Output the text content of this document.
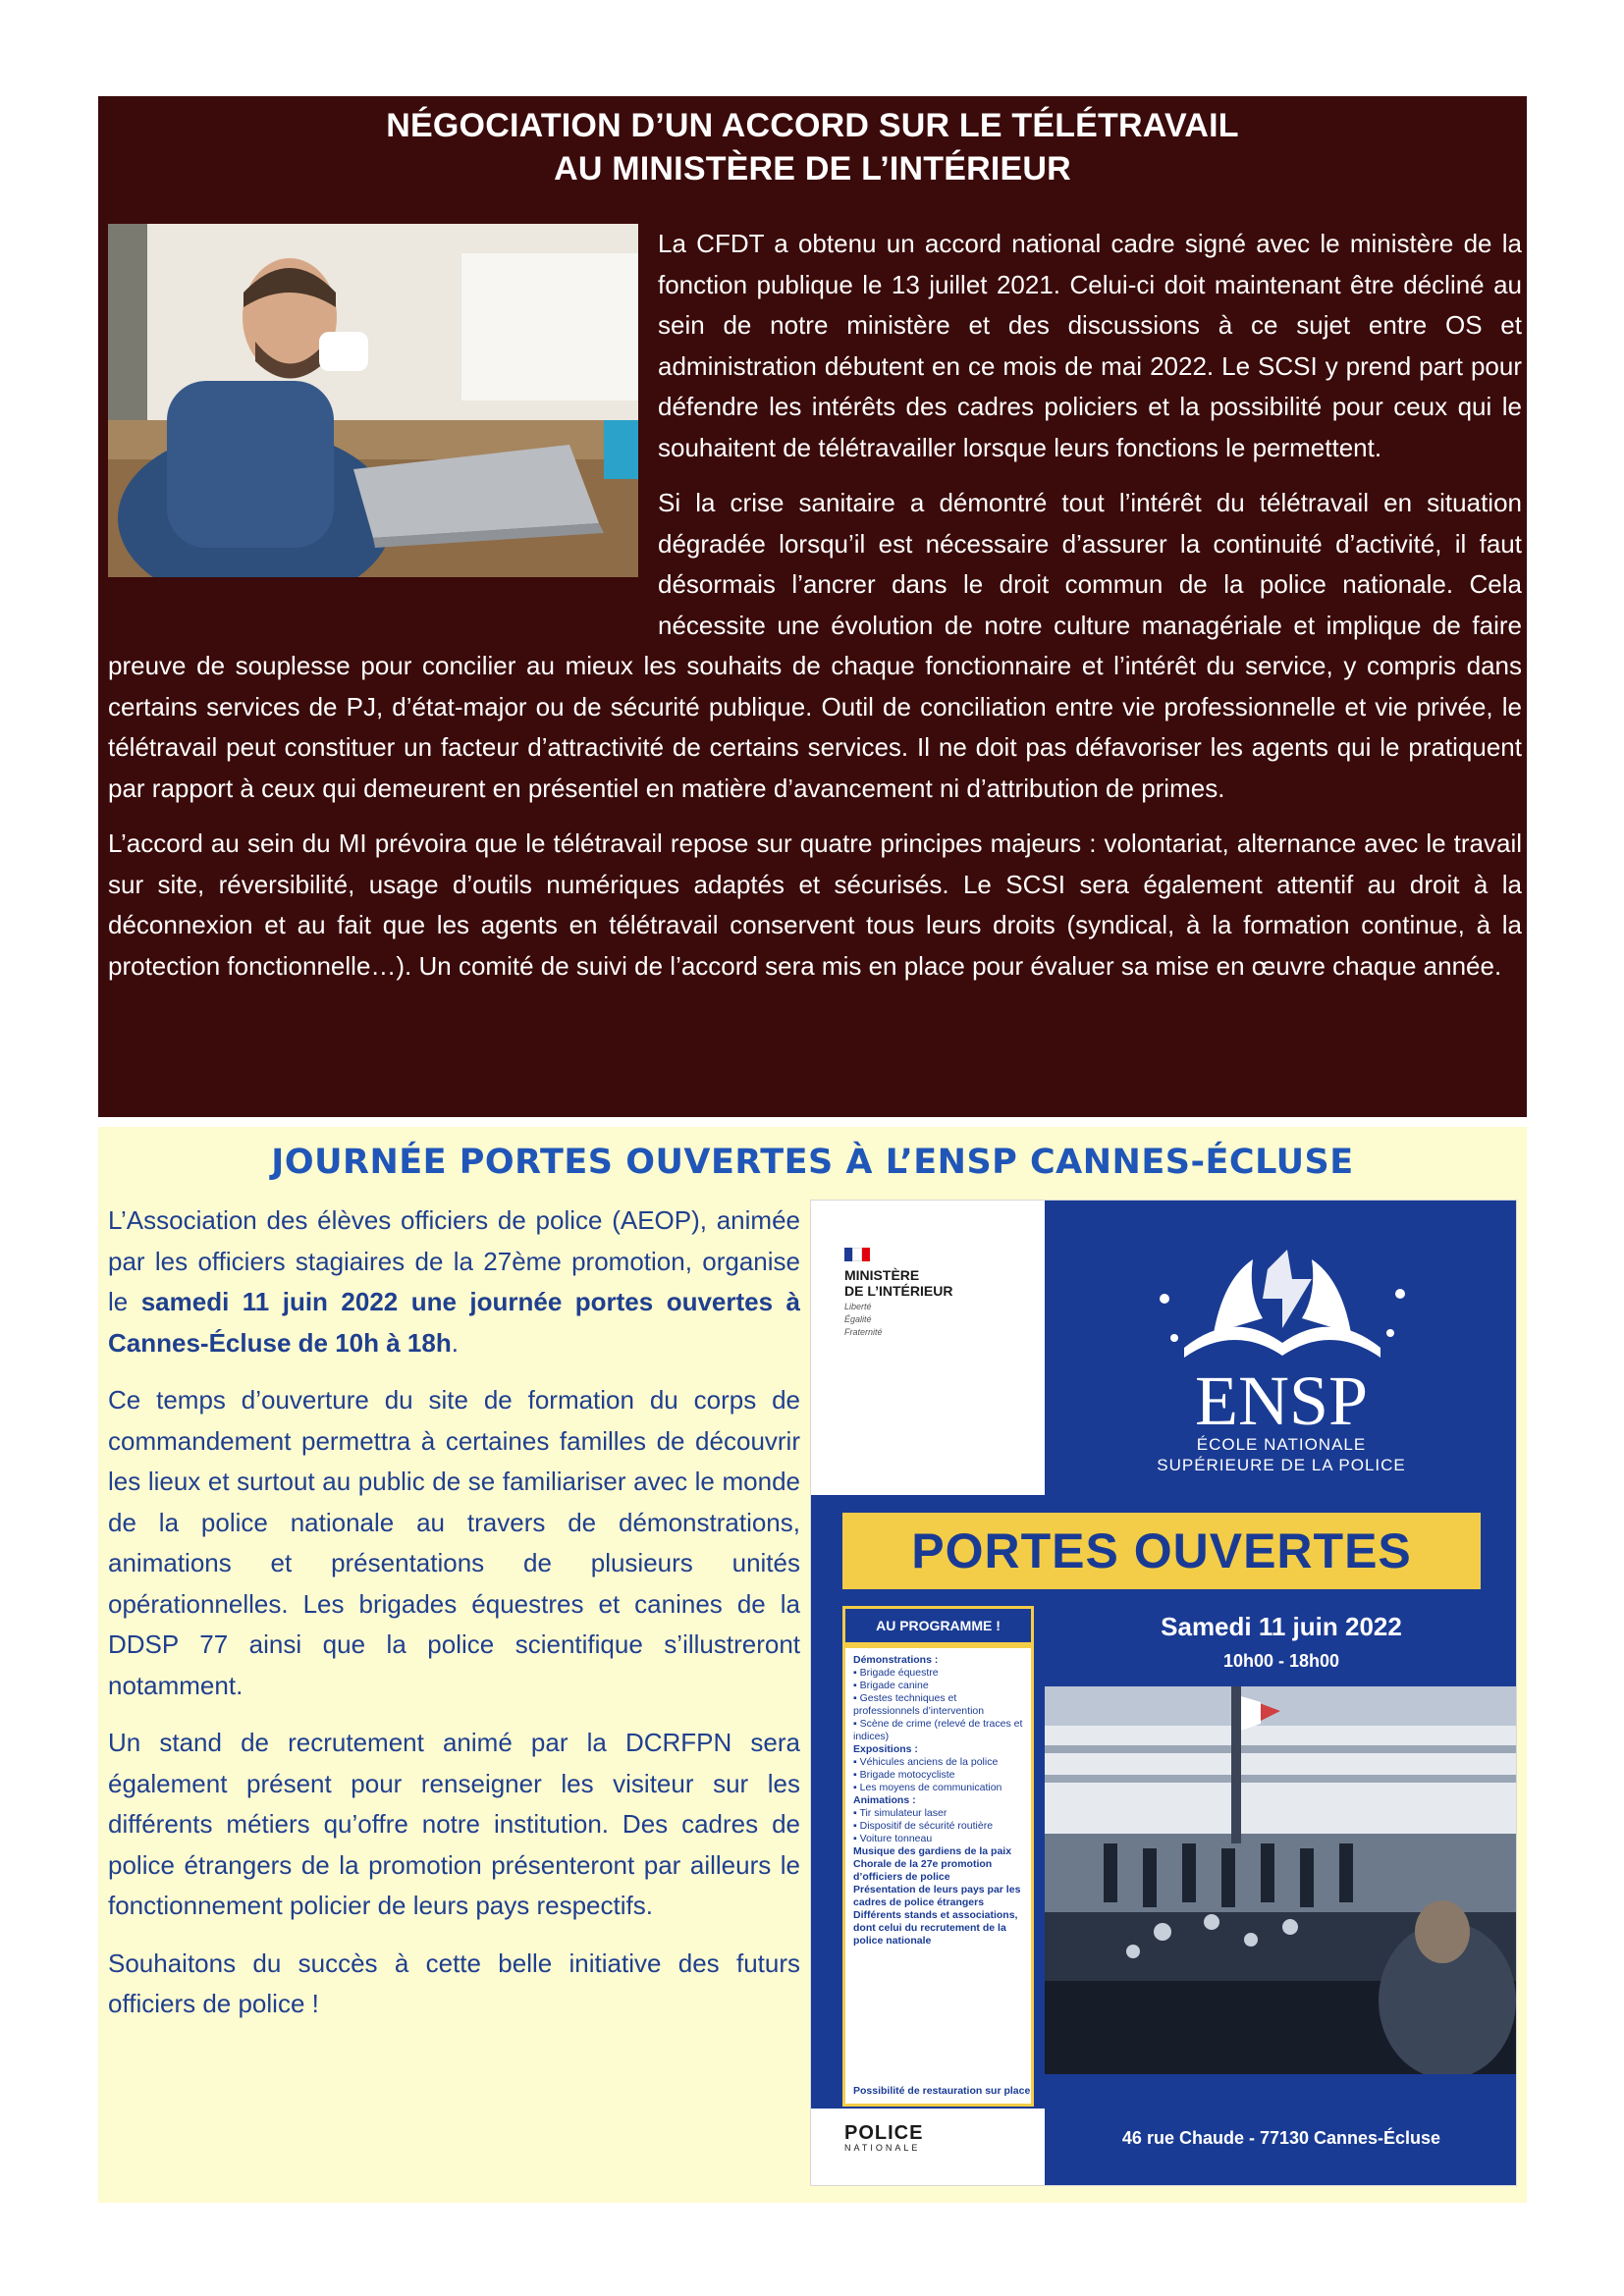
NÉGOCIATION D’UN ACCORD SUR LE TÉLÉTRAVAIL
AU MINISTÈRE DE L’INTÉRIEUR

La CFDT a obtenu un accord national cadre signé avec le ministère de la fonction publique le 13 juillet 2021. Celui-ci doit maintenant être décliné au sein de notre ministère et des discussions à ce sujet entre OS et administration débutent en ce mois de mai 2022. Le SCSI y prend part pour défendre les intérêts des cadres policiers et la possibilité pour ceux qui le souhaitent de télétravailler lorsque leurs fonctions le permettent.

Si la crise sanitaire a démontré tout l’intérêt du télétravail en situation dégradée lorsqu’il est nécessaire d’assurer la continuité d’activité, il faut désormais l’ancrer dans le droit commun de la police nationale. Cela nécessite une évolution de notre culture managériale et implique de faire preuve de souplesse pour concilier au mieux les souhaits de chaque fonctionnaire et l’intérêt du service, y compris dans certains services de PJ, d’état-major ou de sécurité publique. Outil de conciliation entre vie professionnelle et vie privée, le télétravail peut constituer un facteur d’attractivité de certains services. Il ne doit pas défavoriser les agents qui le pratiquent par rapport à ceux qui demeurent en présentiel en matière d’avancement ni d’attribution de primes.

L’accord au sein du MI prévoira que le télétravail repose sur quatre principes majeurs : volontariat, alternance avec le travail sur site, réversibilité, usage d’outils numériques adaptés et sécurisés. Le SCSI sera également attentif au droit à la déconnexion et au fait que les agents en télétravail conservent tous leurs droits (syndical, à la formation continue, à la protection fonctionnelle…). Un comité de suivi de l’accord sera mis en place pour évaluer sa mise en œuvre chaque année.

JOURNÉE PORTES OUVERTES À L’ENSP CANNES-ÉCLUSE

L’Association des élèves officiers de police (AEOP), animée par les officiers stagiaires de la 27ème promotion, organise le samedi 11 juin 2022 une journée portes ouvertes à Cannes-Écluse de 10h à 18h.

Ce temps d’ouverture du site de formation du corps de commandement permettra à certaines familles de découvrir les lieux et surtout au public de se familiariser avec le monde de la police nationale au travers de démonstrations, animations et présentations de plusieurs unités opérationnelles. Les brigades équestres et canines de la DDSP 77 ainsi que la police scientifique s’illustreront notamment.

Un stand de recrutement animé par la DCRFPN sera également présent pour renseigner les visiteur sur les différents métiers qu’offre notre institution. Des cadres de police étrangers de la promotion présenteront par ailleurs le fonctionnement policier de leurs pays respectifs.

Souhaitons du succès à cette belle initiative des futurs officiers de police !

MINISTÈRE
DE L’INTÉRIEUR
Liberté
Égalité
Fraternité
ENSP
ÉCOLE NATIONALE
SUPÉRIEURE DE LA POLICE
PORTES OUVERTES
AU PROGRAMME !
Démonstrations :
▪ Brigade équestre
▪ Brigade canine
▪ Gestes techniques et professionnels d’intervention
▪ Scène de crime (relevé de traces et indices)
Expositions :
▪ Véhicules anciens de la police
▪ Brigade motocycliste
▪ Les moyens de communication
Animations :
▪ Tir simulateur laser
▪ Dispositif de sécurité routière
▪ Voiture tonneau
Musique des gardiens de la paix
Chorale de la 27e promotion d’officiers de police
Présentation de leurs pays par les cadres de police étrangers
Différents stands et associations, dont celui du recrutement de la police nationale
Possibilité de restauration sur place
Samedi 11 juin 2022
10h00 - 18h00
POLICE
NATIONALE	46 rue Chaude - 77130 Cannes-Écluse
